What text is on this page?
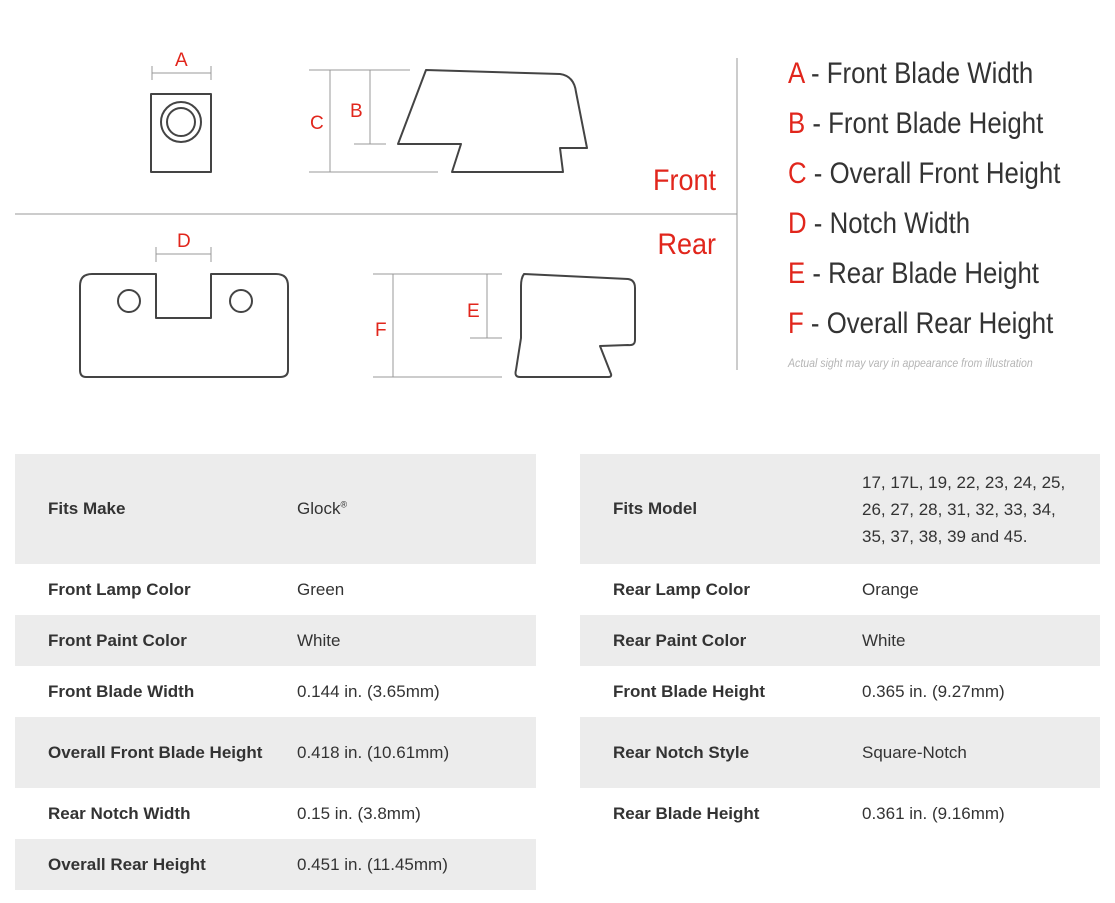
A
C
B
D
E
F
Front
Rear
A - Front Blade Width
B - Front Blade Height
C - Overall Front Height
D - Notch Width
E - Rear Blade Height
F - Overall Rear Height
Actual sight may vary in appearance from illustration
Fits Make	Glock®
Front Lamp Color	Green
Front Paint Color	White
Front Blade Width	0.144 in. (3.65mm)
Overall Front Blade Height	0.418 in. (10.61mm)
Rear Notch Width	0.15 in. (3.8mm)
Overall Rear Height	0.451 in. (11.45mm)
Fits Model	17, 17L, 19, 22, 23, 24, 25,
26, 27, 28, 31, 32, 33, 34,
35, 37, 38, 39 and 45.

Rear Lamp Color	Orange
Rear Paint Color	White
Front Blade Height	0.365 in. (9.27mm)
Rear Notch Style	Square-Notch
Rear Blade Height	0.361 in. (9.16mm)
